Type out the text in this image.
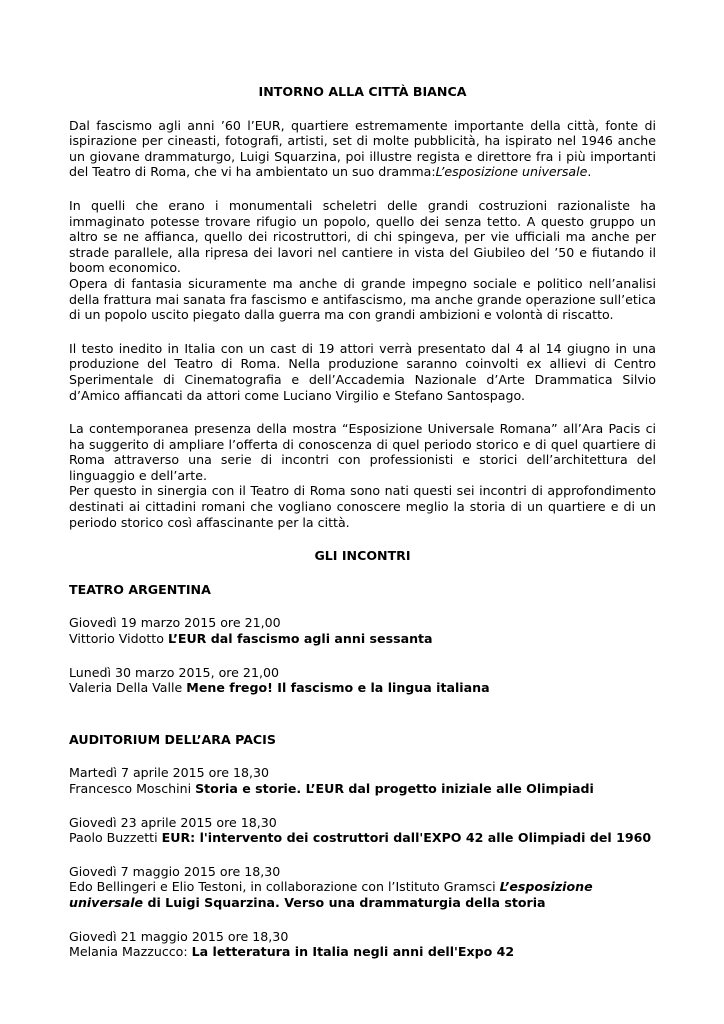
INTORNO ALLA CITTÀ BIANCA

Dal fascismo agli anni ’60 l’EUR, quartiere estremamente importante della città, fonte di ispirazione per cineasti, fotografi, artisti, set di molte pubblicità, ha ispirato nel 1946 anche un giovane drammaturgo, Luigi Squarzina, poi illustre regista e direttore fra i più importanti del Teatro di Roma, che vi ha ambientato un suo dramma:L’esposizione universale.

In quelli che erano i monumentali scheletri delle grandi costruzioni razionaliste ha immaginato potesse trovare rifugio un popolo, quello dei senza tetto. A questo gruppo un altro se ne affianca, quello dei ricostruttori, di chi spingeva, per vie ufficiali ma anche per strade parallele, alla ripresa dei lavori nel cantiere in vista del Giubileo del ’50 e fiutando il boom economico.

Opera di fantasia sicuramente ma anche di grande impegno sociale e politico nell’analisi della frattura mai sanata fra fascismo e antifascismo, ma anche grande operazione sull’etica di un popolo uscito piegato dalla guerra ma con grandi ambizioni e volontà di riscatto.

Il testo inedito in Italia con un cast di 19 attori verrà presentato dal 4 al 14 giugno in una produzione del Teatro di Roma. Nella produzione saranno coinvolti ex allievi di Centro Sperimentale di Cinematografia e dell’Accademia Nazionale d’Arte Drammatica Silvio d’Amico affiancati da attori come Luciano Virgilio e Stefano Santospago.

La contemporanea presenza della mostra “Esposizione Universale Romana” all’Ara Pacis ci ha suggerito di ampliare l’offerta di conoscenza di quel periodo storico e di quel quartiere di Roma attraverso una serie di incontri con professionisti e storici dell’architettura del linguaggio e dell’arte.

Per questo in sinergia con il Teatro di Roma sono nati questi sei incontri di approfondimento destinati ai cittadini romani che vogliano conoscere meglio la storia di un quartiere e di un periodo storico così affascinante per la città.

GLI INCONTRI

TEATRO ARGENTINA

Giovedì 19 marzo 2015 ore 21,00

Vittorio Vidotto L’EUR dal fascismo agli anni sessanta

Lunedì 30 marzo 2015, ore 21,00

Valeria Della Valle Mene frego! Il fascismo e la lingua italiana

AUDITORIUM DELL’ARA PACIS

Martedì 7 aprile 2015 ore 18,30

Francesco Moschini Storia e storie. L’EUR dal progetto iniziale alle Olimpiadi

Giovedì 23 aprile 2015 ore 18,30

Paolo Buzzetti EUR: l'intervento dei costruttori dall'EXPO 42 alle Olimpiadi del 1960

Giovedì 7 maggio 2015 ore 18,30

Edo Bellingeri e Elio Testoni, in collaborazione con l’Istituto Gramsci L’esposizione universale di Luigi Squarzina. Verso una drammaturgia della storia

Giovedì 21 maggio 2015 ore 18,30

Melania Mazzucco: La letteratura in Italia negli anni dell'Expo 42
